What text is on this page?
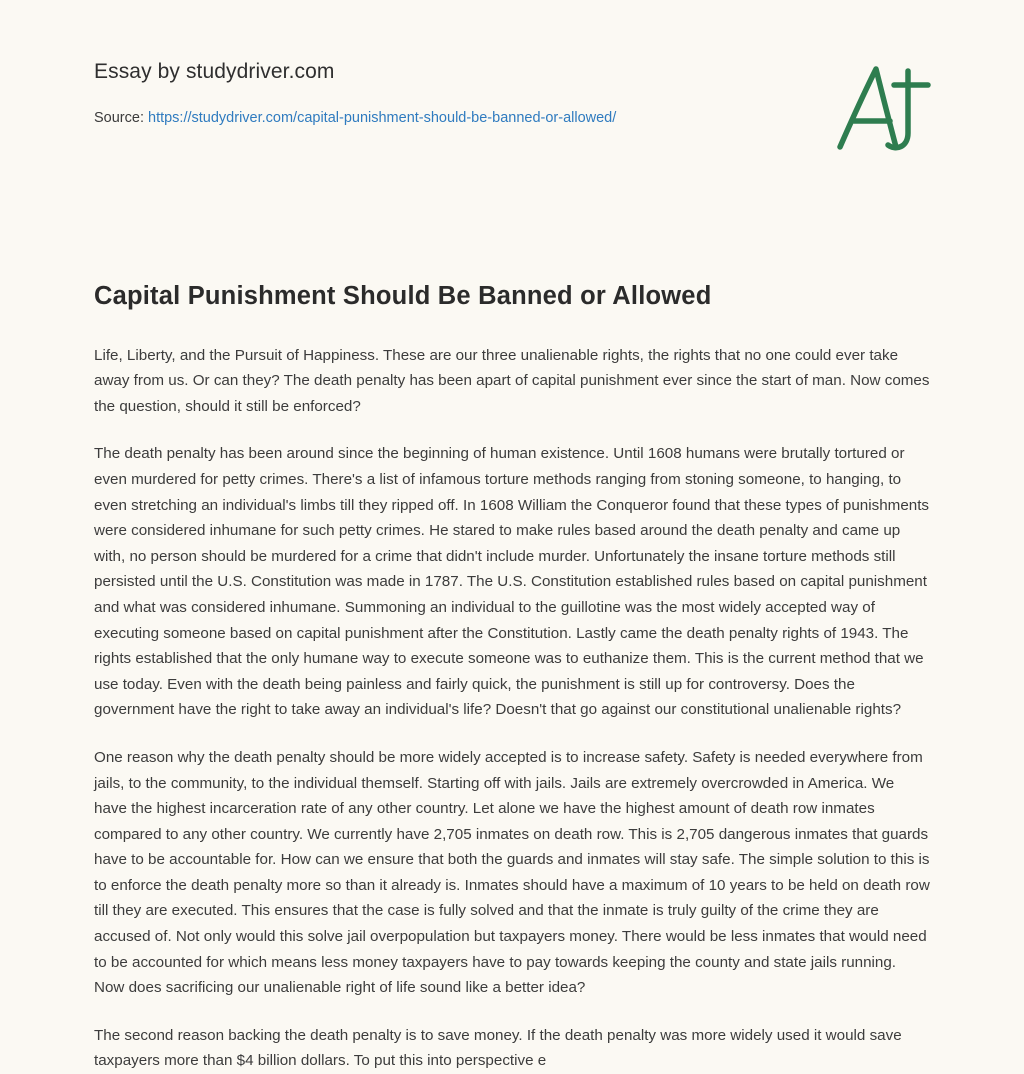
Essay by studydriver.com
Source: https://studydriver.com/capital-punishment-should-be-banned-or-allowed/
Capital Punishment Should Be Banned or Allowed

Life, Liberty, and the Pursuit of Happiness. These are our three unalienable rights, the rights that no one could ever take away from us. Or can they? The death penalty has been apart of capital punishment ever since the start of man. Now comes the question, should it still be enforced?

The death penalty has been around since the beginning of human existence. Until 1608 humans were brutally tortured or even murdered for petty crimes. There's a list of infamous torture methods ranging from stoning someone, to hanging, to even stretching an individual's limbs till they ripped off. In 1608 William the Conqueror found that these types of punishments were considered inhumane for such petty crimes. He stared to make rules based around the death penalty and came up with, no person should be murdered for a crime that didn't include murder. Unfortunately the insane torture methods still persisted until the U.S. Constitution was made in 1787. The U.S. Constitution established rules based on capital punishment and what was considered inhumane. Summoning an individual to the guillotine was the most widely accepted way of executing someone based on capital punishment after the Constitution. Lastly came the death penalty rights of 1943. The rights established that the only humane way to execute someone was to euthanize them. This is the current method that we use today. Even with the death being painless and fairly quick, the punishment is still up for controversy. Does the government have the right to take away an individual's life? Doesn't that go against our constitutional unalienable rights?

One reason why the death penalty should be more widely accepted is to increase safety. Safety is needed everywhere from jails, to the community, to the individual themself. Starting off with jails. Jails are extremely overcrowded in America. We have the highest incarceration rate of any other country. Let alone we have the highest amount of death row inmates compared to any other country. We currently have 2,705 inmates on death row. This is 2,705 dangerous inmates that guards have to be accountable for. How can we ensure that both the guards and inmates will stay safe. The simple solution to this is to enforce the death penalty more so than it already is. Inmates should have a maximum of 10 years to be held on death row till they are executed. This ensures that the case is fully solved and that the inmate is truly guilty of the crime they are accused of. Not only would this solve jail overpopulation but taxpayers money. There would be less inmates that would need to be accounted for which means less money taxpayers have to pay towards keeping the county and state jails running. Now does sacrificing our unalienable right of life sound like a better idea?

The second reason backing the death penalty is to save money. If the death penalty was more widely used it would save taxpayers more than $4 billion dollars. To put this into perspective e
